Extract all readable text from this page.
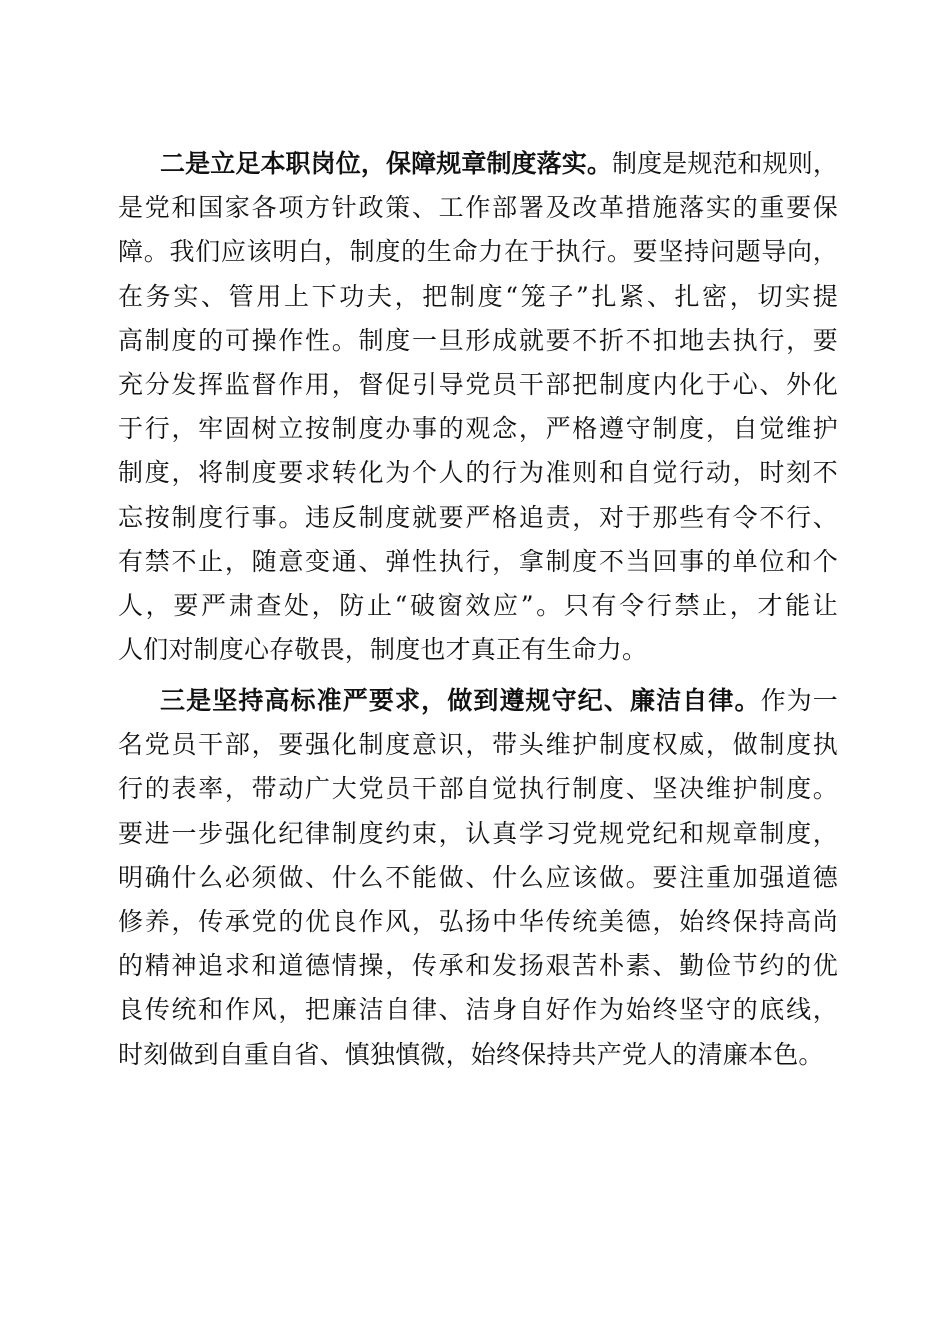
二是立足本职岗位，保障规章制度落实。制度是规范和规则，
是党和国家各项方针政策、工作部署及改革措施落实的重要保
障。我们应该明白，制度的生命力在于执行。要坚持问题导向，
在务实、管用上下功夫，把制度“笼子”扎紧、扎密，切实提
高制度的可操作性。制度一旦形成就要不折不扣地去执行，要
充分发挥监督作用，督促引导党员干部把制度内化于心、外化
于行，牢固树立按制度办事的观念，严格遵守制度，自觉维护
制度，将制度要求转化为个人的行为准则和自觉行动，时刻不
忘按制度行事。违反制度就要严格追责，对于那些有令不行、
有禁不止，随意变通、弹性执行，拿制度不当回事的单位和个
人，要严肃查处，防止“破窗效应”。只有令行禁止，才能让
人们对制度心存敬畏，制度也才真正有生命力。
三是坚持高标准严要求，做到遵规守纪、廉洁自律。作为一
名党员干部，要强化制度意识，带头维护制度权威，做制度执
行的表率，带动广大党员干部自觉执行制度、坚决维护制度。
要进一步强化纪律制度约束，认真学习党规党纪和规章制度，
明确什么必须做、什么不能做、什么应该做。要注重加强道德
修养，传承党的优良作风，弘扬中华传统美德，始终保持高尚
的精神追求和道德情操，传承和发扬艰苦朴素、勤俭节约的优
良传统和作风，把廉洁自律、洁身自好作为始终坚守的底线，
时刻做到自重自省、慎独慎微，始终保持共产党人的清廉本色。
